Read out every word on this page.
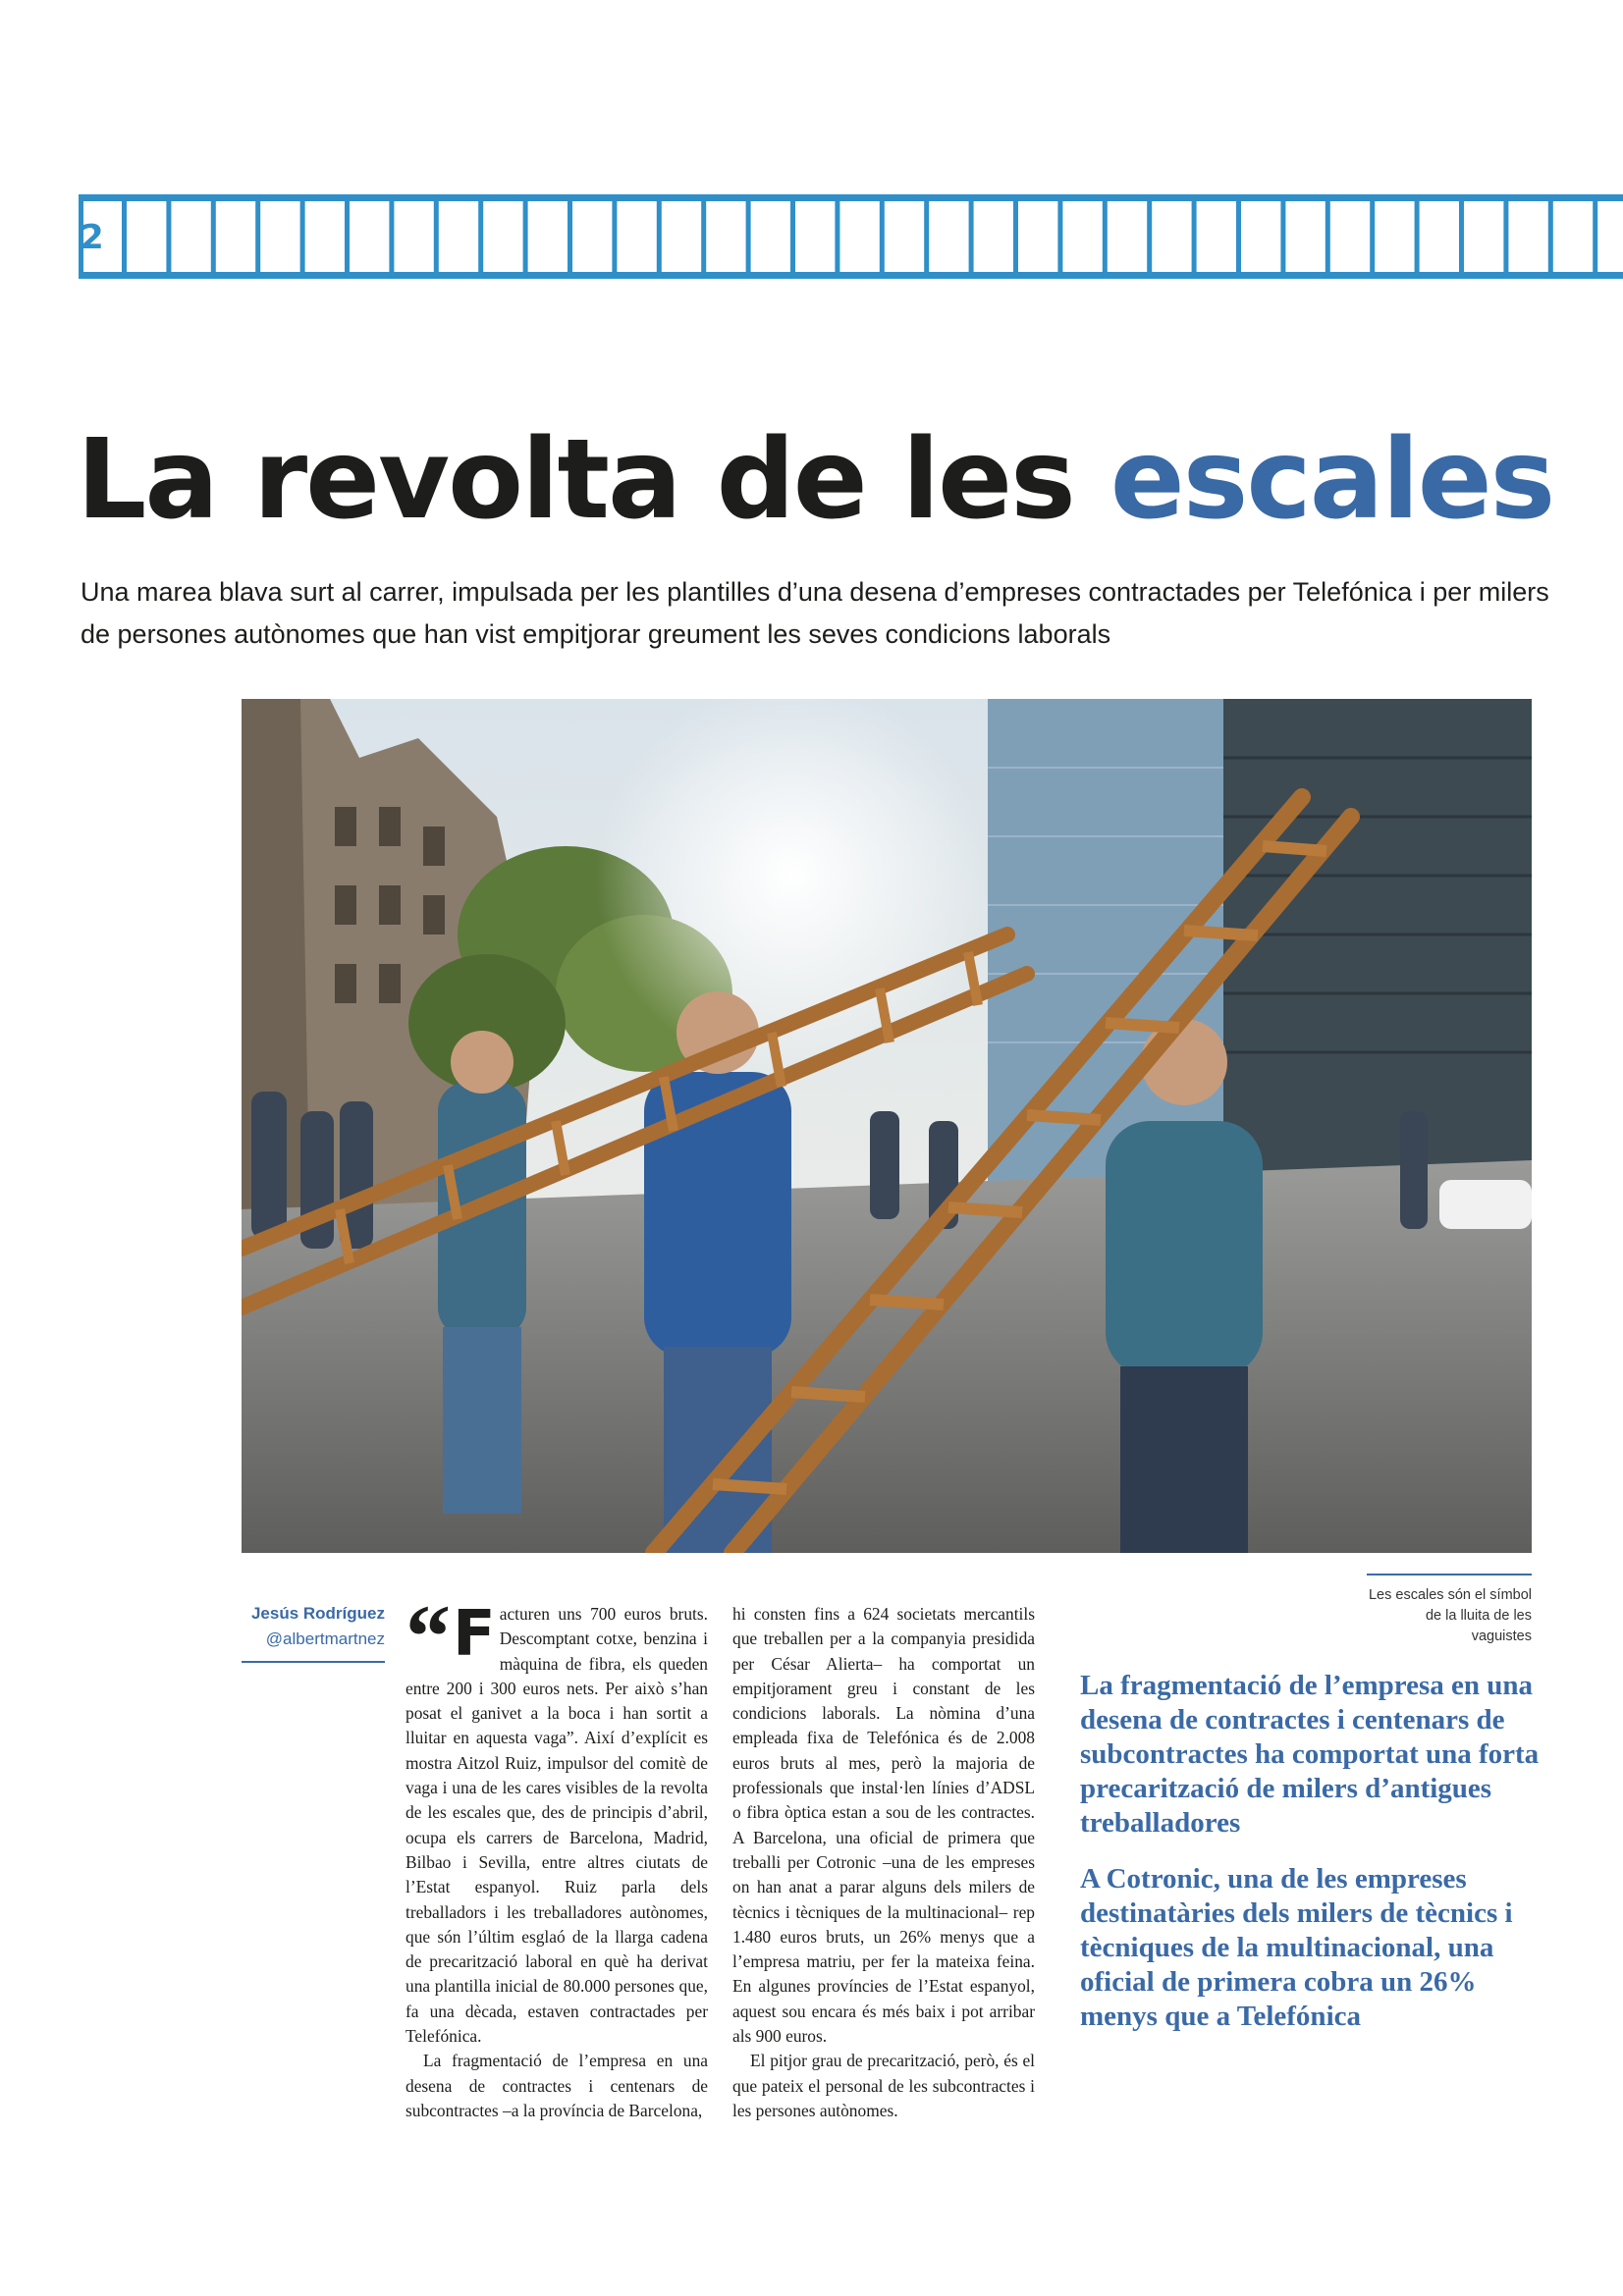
2
La revolta de les escales

Una marea blava surt al carrer, impulsada per les plantilles d’una desena d’empreses contractades per Telefónica i per milers de persones autònomes que han vist empitjorar greument les seves condicions laborals

Les escales són el símbol de la lluita de les vaguistes
Jesús Rodríguez
@albertmartnez “ F acturen uns 700 euros bruts. Descomptant cotxe, benzina i màquina de fibra, els queden entre 200 i 300 euros nets. Per això s’han posat el ganivet a la boca i han sortit a lluitar en aquesta vaga”. Així d’explícit es mostra Aitzol Ruiz, impulsor del comitè de vaga i una de les cares visibles de la revolta de les escales que, des de principis d’abril, ocupa els carrers de Barcelona, Madrid, Bilbao i Sevilla, entre altres ciutats de l’Estat espanyol. Ruiz parla dels treballadors i les treballadores autònomes, que són l’últim esglaó de la llarga cadena de precarització laboral en què ha derivat una plantilla inicial de 80.000 persones que, fa una dècada, estaven contractades per Telefónica.

La fragmentació de l’empresa en una desena de contractes i centenars de subcontractes –a la província de Barcelona,

hi consten fins a 624 societats mercantils que treballen per a la companyia presidida per César Alierta– ha comportat un empitjorament greu i constant de les condicions laborals. La nòmina d’una empleada fixa de Telefónica és de 2.008 euros bruts al mes, però la majoria de professionals que instal·len línies d’ADSL o fibra òptica estan a sou de les contractes. A Barcelona, una oficial de primera que treballi per Cotronic –una de les empreses on han anat a parar alguns dels milers de tècnics i tècniques de la multinacional– rep 1.480 euros bruts, un 26% menys que a l’empresa matriu, per fer la mateixa feina. En algunes províncies de l’Estat espanyol, aquest sou encara és més baix i pot arribar als 900 euros.

El pitjor grau de precarització, però, és el que pateix el personal de les subcontractes i les persones autònomes.

La fragmentació de l’empresa en una desena de contractes i centenars de subcontractes ha comportat una forta precarització de milers d’antigues treballadores

A Cotronic, una de les empreses destinatàries dels milers de tècnics i tècniques de la multinacional, una oficial de primera cobra un 26% menys que a Telefónica
